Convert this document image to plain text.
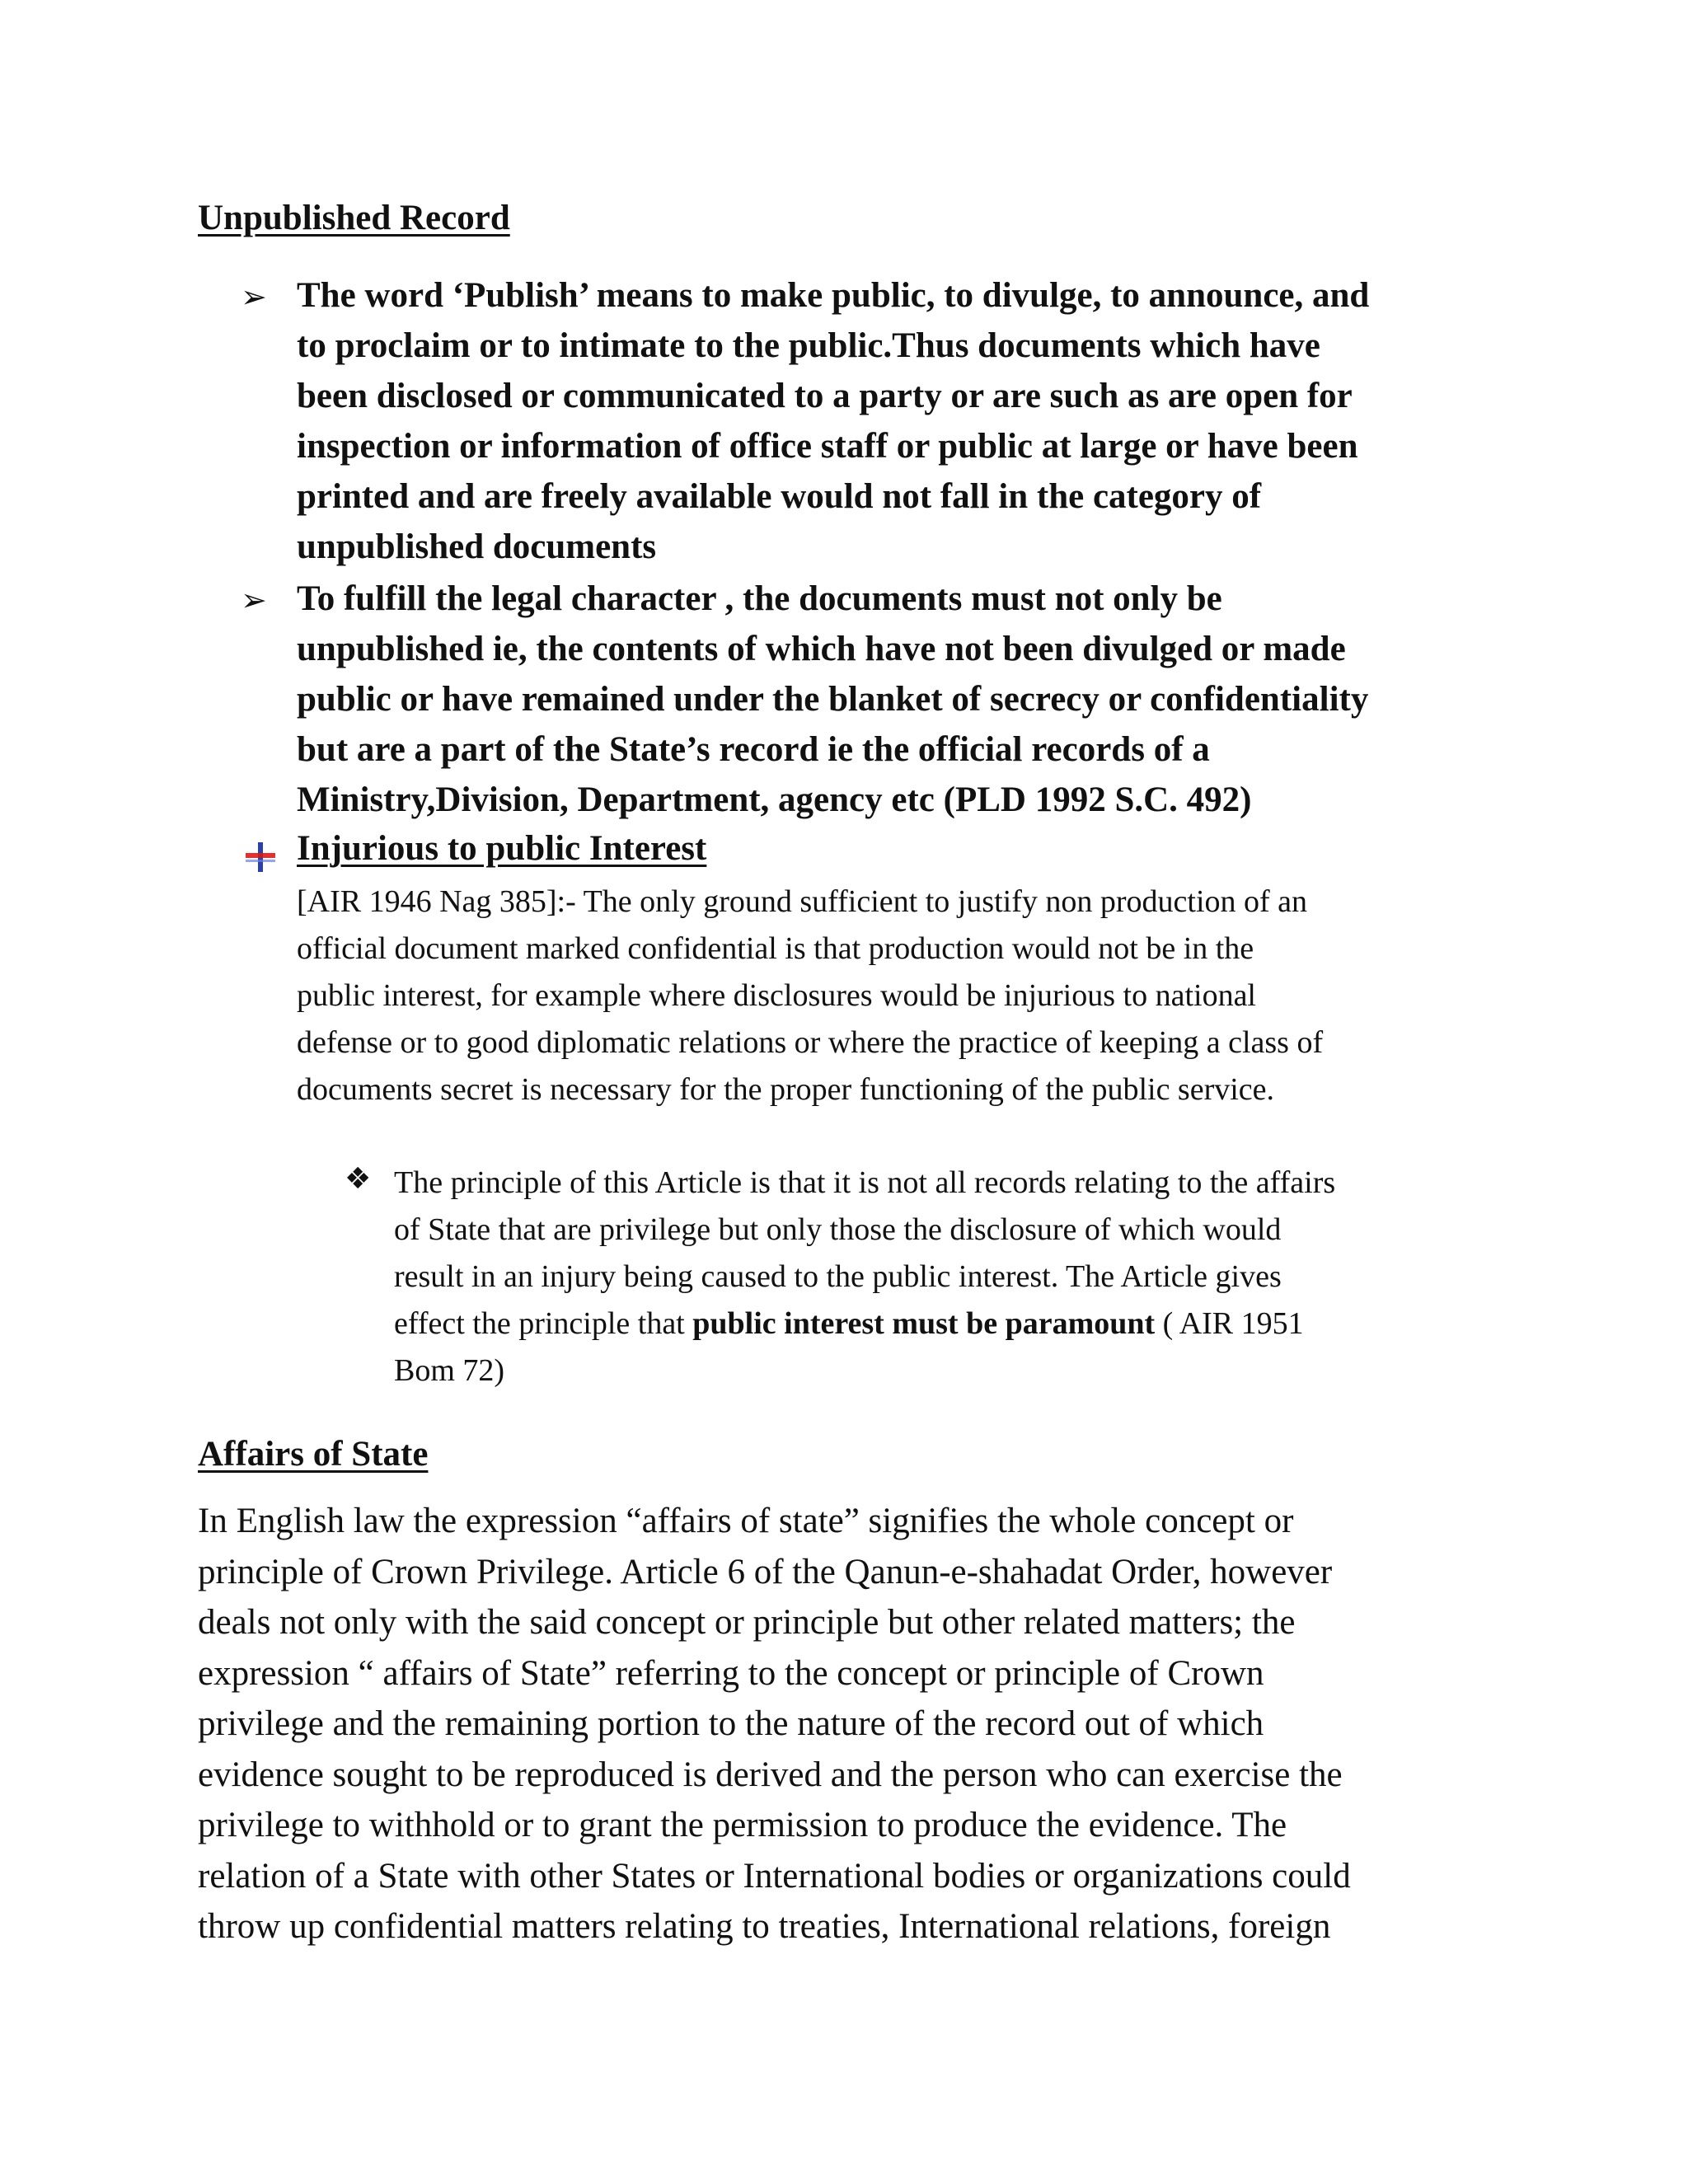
Unpublished Record
➢ The word ‘Publish’ means to make public, to divulge, to announce, and
to proclaim or to intimate to the public.Thus documents which have
been disclosed or communicated to a party or are such as are open for
inspection or information of office staff or public at large or have been
printed and are freely available would not fall in the category of
unpublished documents
➢ To fulfill the legal character , the documents must not only be
unpublished ie, the contents of which have not been divulged or made
public or have remained under the blanket of secrecy or confidentiality
but are a part of the State’s record ie the official records of a
Ministry,Division, Department, agency etc (PLD 1992 S.C. 492)
Injurious to public Interest
[AIR 1946 Nag 385]:- The only ground sufficient to justify non production of an
official document marked confidential is that production would not be in the
public interest, for example where disclosures would be injurious to national
defense or to good diplomatic relations or where the practice of keeping a class of
documents secret is necessary for the proper functioning of the public service.
❖ The principle of this Article is that it is not all records relating to the affairs
of State that are privilege but only those the disclosure of which would
result in an injury being caused to the public interest. The Article gives
effect the principle that public interest must be paramount ( AIR 1951
Bom 72)
Affairs of State
In English law the expression “affairs of state” signifies the whole concept or
principle of Crown Privilege. Article 6 of the Qanun-e-shahadat Order, however
deals not only with the said concept or principle but other related matters; the
expression “ affairs of State” referring to the concept or principle of Crown
privilege and the remaining portion to the nature of the record out of which
evidence sought to be reproduced is derived and the person who can exercise the
privilege to withhold or to grant the permission to produce the evidence. The
relation of a State with other States or International bodies or organizations could
throw up confidential matters relating to treaties, International relations, foreign
